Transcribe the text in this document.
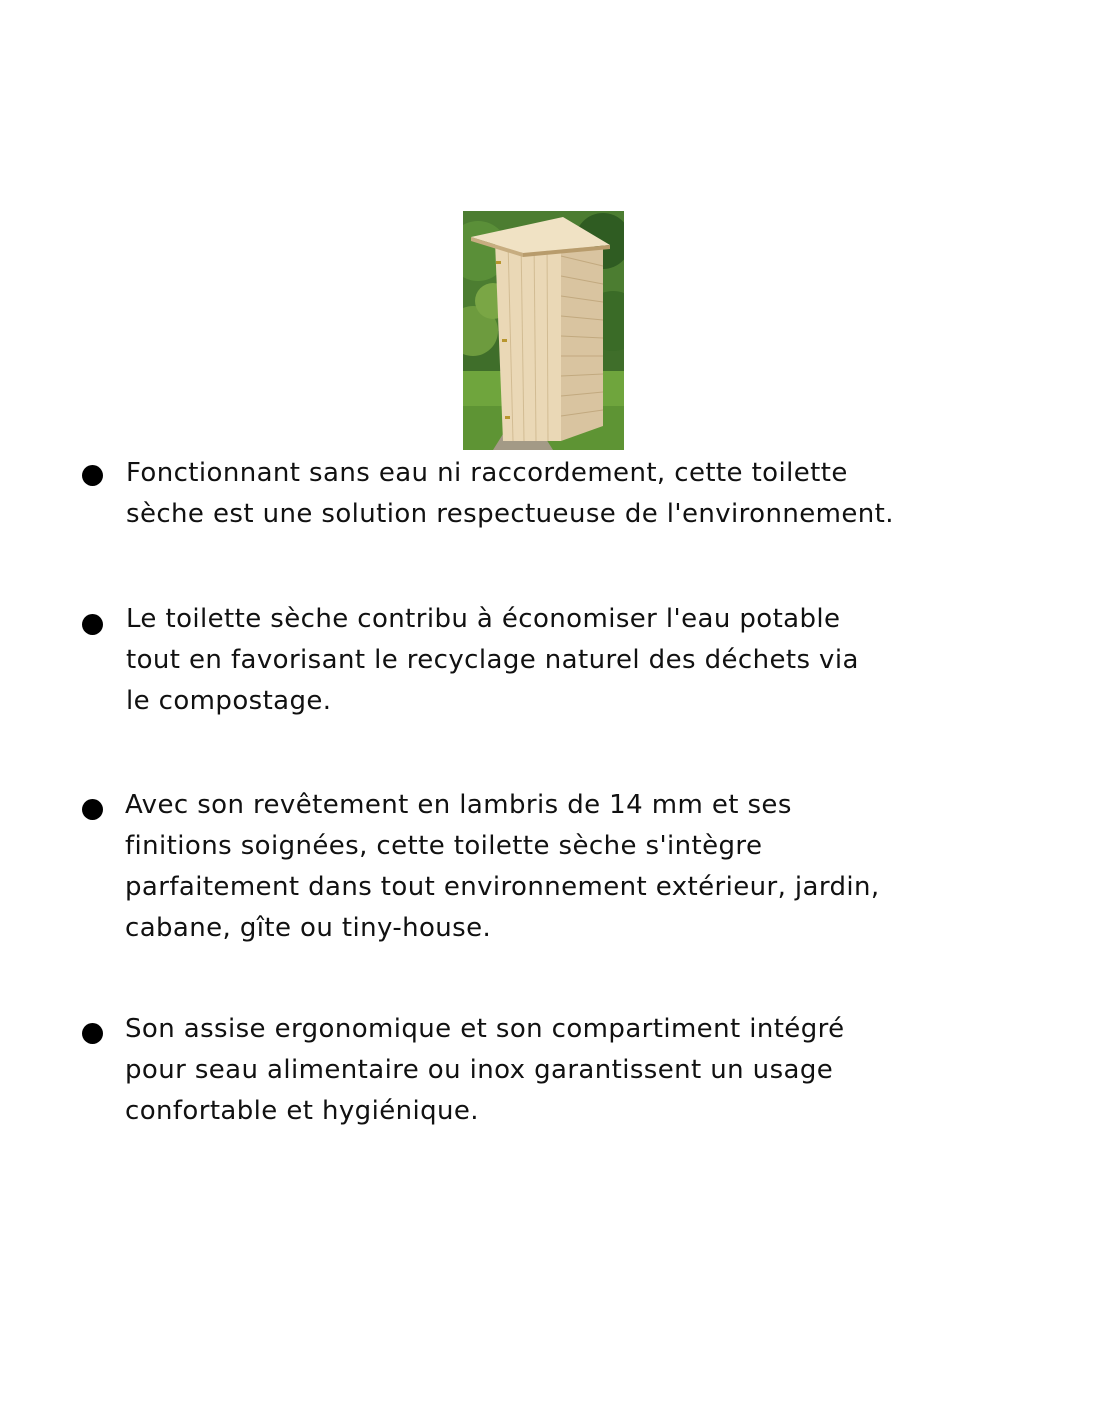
Fonctionnant sans eau ni raccordement, cette toilette
sèche est une solution respectueuse de l'environnement.
Le toilette sèche contribu à économiser l'eau potable
tout en favorisant le recyclage naturel des déchets via
le compostage.
Avec son revêtement en lambris de 14 mm et ses
finitions soignées, cette toilette sèche s'intègre
parfaitement dans tout environnement extérieur, jardin,
cabane, gîte ou tiny-house.
Son assise ergonomique et son compartiment intégré
pour seau alimentaire ou inox garantissent un usage
confortable et hygiénique.
